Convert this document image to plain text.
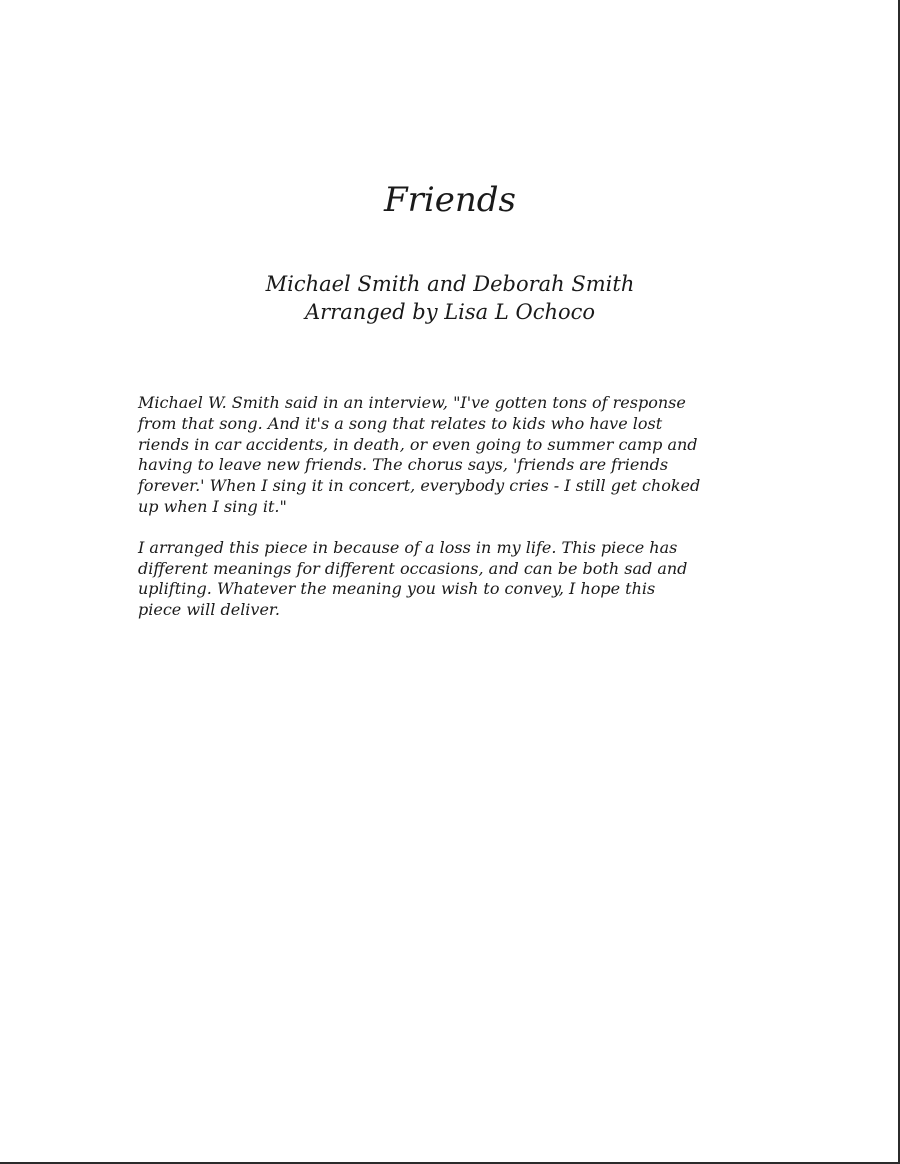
Friends
Michael Smith and Deborah Smith
Arranged by Lisa L Ochoco

Michael W. Smith said in an interview, "I've gotten tons of response
from that song. And it's a song that relates to kids who have lost
riends in car accidents, in death, or even going to summer camp and
having to leave new friends. The chorus says, 'friends are friends
forever.' When I sing it in concert, everybody cries - I still get choked
up when I sing it."

I arranged this piece in because of a loss in my life. This piece has
different meanings for different occasions, and can be both sad and
uplifting. Whatever the meaning you wish to convey, I hope this
piece will deliver.
